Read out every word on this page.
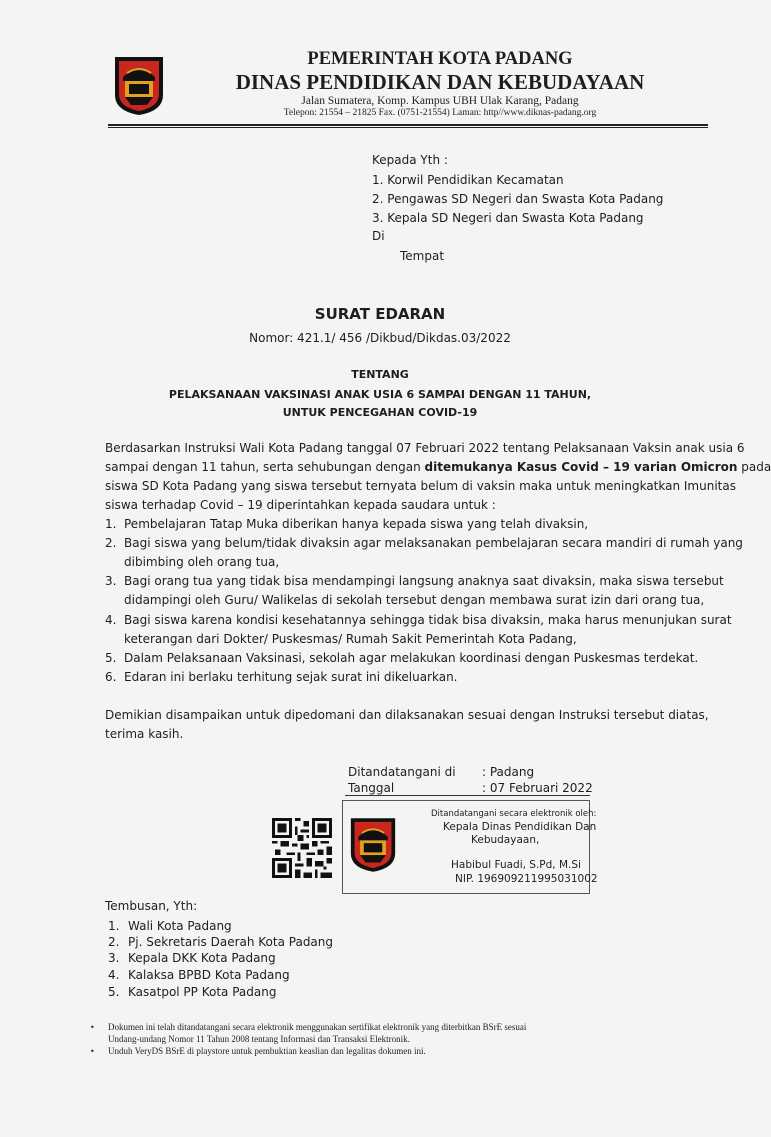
PEMERINTAH KOTA PADANG
DINAS PENDIDIKAN DAN KEBUDAYAAN
Jalan Sumatera, Komp. Kampus UBH Ulak Karang, Padang
Telepon: 21554 – 21825 Fax. (0751-21554) Laman: http//www.diknas-padang.org
Kepada Yth :
1. Korwil Pendidikan Kecamatan
2. Pengawas SD Negeri dan Swasta Kota Padang
3. Kepala SD Negeri dan Swasta Kota Padang
Di
Tempat
SURAT EDARAN
Nomor: 421.1/ 456 /Dikbud/Dikdas.03/2022
TENTANG
PELAKSANAAN VAKSINASI ANAK USIA 6 SAMPAI DENGAN 11 TAHUN,
UNTUK PENCEGAHAN COVID-19
Berdasarkan Instruksi Wali Kota Padang tanggal 07 Februari 2022 tentang Pelaksanaan Vaksin anak usia 6
sampai dengan 11 tahun, serta sehubungan dengan ditemukanya Kasus Covid – 19 varian Omicron pada
siswa SD Kota Padang yang siswa tersebut ternyata belum di vaksin maka untuk meningkatkan Imunitas
siswa terhadap Covid – 19 diperintahkan kepada saudara untuk :
1. Pembelajaran Tatap Muka diberikan hanya kepada siswa yang telah divaksin,
2. Bagi siswa yang belum/tidak divaksin agar melaksanakan pembelajaran secara mandiri di rumah yang
dibimbing oleh orang tua,
3. Bagi orang tua yang tidak bisa mendampingi langsung anaknya saat divaksin, maka siswa tersebut
didampingi oleh Guru/ Walikelas di sekolah tersebut dengan membawa surat izin dari orang tua,
4. Bagi siswa karena kondisi kesehatannya sehingga tidak bisa divaksin, maka harus menunjukan surat
keterangan dari Dokter/ Puskesmas/ Rumah Sakit Pemerintah Kota Padang,
5. Dalam Pelaksanaan Vaksinasi, sekolah agar melakukan koordinasi dengan Puskesmas terdekat.
6. Edaran ini berlaku terhitung sejak surat ini dikeluarkan.
Demikian disampaikan untuk dipedomani dan dilaksanakan sesuai dengan Instruksi tersebut diatas,
terima kasih.
Ditandatangani di : Padang
Tanggal	: 07 Februari 2022
Ditandatangani secara elektronik oleh:
Kepala Dinas Pendidikan Dan
Kebudayaan,
Habibul Fuadi, S.Pd, M.Si
NIP. 196909211995031002
Tembusan, Yth:
1. Wali Kota Padang
2. Pj. Sekretaris Daerah Kota Padang
3. Kepala DKK Kota Padang
4. Kalaksa BPBD Kota Padang
5. Kasatpol PP Kota Padang
• Dokumen ini telah ditandatangani secara elektronik menggunakan sertifikat elektronik yang diterbitkan BSrE sesuai
Undang-undang Nomor 11 Tahun 2008 tentang Informasi dan Transaksi Elektronik.
• Unduh VeryDS BSrE di playstore untuk pembuktian keaslian dan legalitas dokumen ini.
